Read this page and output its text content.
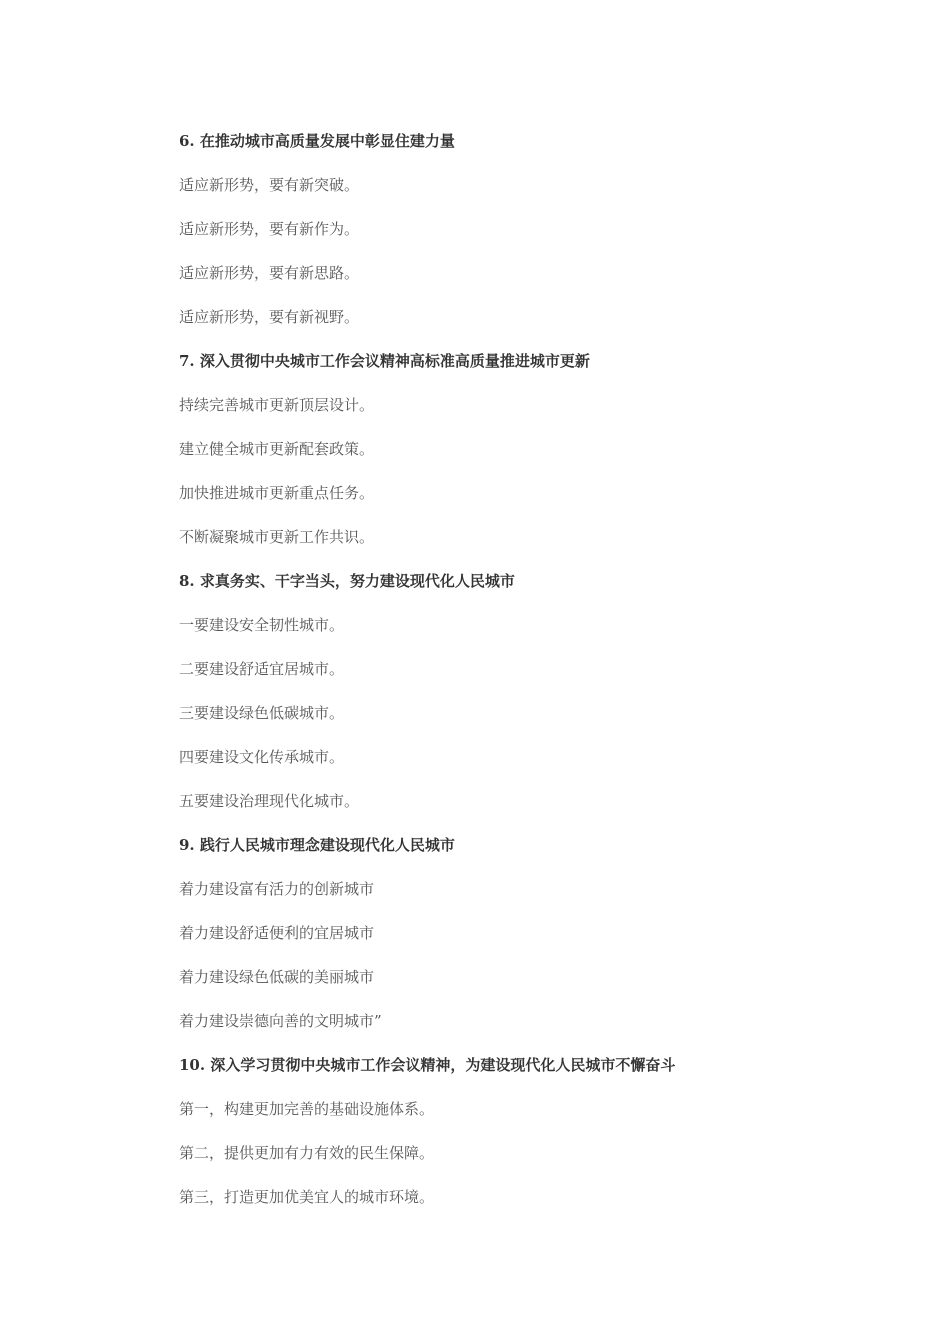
6. 在推动城市高质量发展中彰显住建力量
适应新形势，要有新突破。
适应新形势，要有新作为。
适应新形势，要有新思路。
适应新形势，要有新视野。
7. 深入贯彻中央城市工作会议精神高标准高质量推进城市更新
持续完善城市更新顶层设计。
建立健全城市更新配套政策。
加快推进城市更新重点任务。
不断凝聚城市更新工作共识。
8. 求真务实、干字当头，努力建设现代化人民城市
一要建设安全韧性城市。
二要建设舒适宜居城市。
三要建设绿色低碳城市。
四要建设文化传承城市。
五要建设治理现代化城市。
9. 践行人民城市理念建设现代化人民城市
着力建设富有活力的创新城市
着力建设舒适便利的宜居城市
着力建设绿色低碳的美丽城市
着力建设崇德向善的文明城市”
10. 深入学习贯彻中央城市工作会议精神，为建设现代化人民城市不懈奋斗
第一，构建更加完善的基础设施体系。
第二，提供更加有力有效的民生保障。
第三，打造更加优美宜人的城市环境。
